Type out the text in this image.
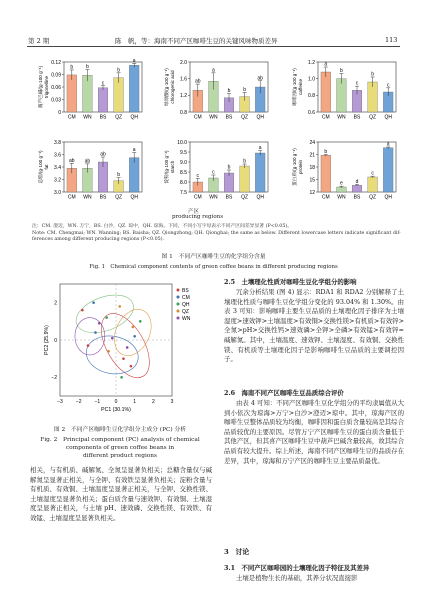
第 2 期	陈　帆，等：海南不同产区咖啡生豆的关键风味物质差异	113
0
0.03
0.06
0.09
0.12
葫芦巴碱/(g·100 g⁻¹) trigonelline
b
CM
b
WN
c
BS
b
QZ
a
QH
0.8
1.2
1.6
2.0
绿原酸/(g·100 g⁻¹) chlorogenic acid	ab
CM
a
WN
b
BS
b
QZ
ab
QH
0.6
0.8
1.0
1.2
咖啡因/(g·100 g⁻¹) caffeine
a
CM
b
WN
c
BS
b
QZ
c
QH
3.0
3.2
3.4
3.6
3.8
总脂/(g·100 g⁻¹) fat
ab
CM
ab
WN
ab
BS
b
QZ
a
QH
7.5
8.0
8.5
9.0
9.5
10.0
淀粉/(g·100 g⁻¹) starch
c
CM
c
WN
b
BS
b
QZ
a
QH
12
15
18
21
24
蛋白质/(g·100 g⁻¹) protein
b
CM
e
WN
d
BS
c
QZ
a
QH
产区
producing regions
注：CM. 澄迈，WN. 万宁，BS. 白沙，QZ. 琼中，QH. 琼海。下同，不同小写字母表示不同产区间差异显著 (P<0.05)。
Note: CM. Chengmai; WN. Wanning; BS. Baisha; QZ. Qiongzhong; QH. Qionghai; the same as below. Different lowercase letters indicate significant dif-
ferences among different producing regions (P<0.05).
图 1　不同产区咖啡生豆的化学组分含量
Fig. 1　Chemical component contents of green coffee beans in different producing regions
−3	−2	−1	0	1	2	3
−2
0
2
PC1 (30.1%)
PC2 (25.9%)
BS
CM
QH
QZ
WN
图 2　不同产区咖啡生豆化学组分主成分 (PC) 分析
Fig. 2　Principal component (PC) analysis of chemical
components of green coffee beans in
different product regions
相关，与有机质、碱解氮、全氮呈显著负相关；总糖含量仅与碱解氮呈显著正相关，与全钾、有效铁呈显著负相关；淀粉含量与有机质、有效铜、土壤温度呈显著正相关，与全钾、交换性镁、土壤湿度呈显著负相关；蛋白质含量与速效钾、有效铜、土壤湿度呈显著正相关，与土壤 pH、速效磷、交换性镁、有效铁、有效锰、土壤湿度呈显著负相关。
2.5　土壤理化性质对咖啡生豆化学组分的影响
冗余分析结果 (图 4) 显示：RDA1 和 RDA2 分别解释了土壤理化性质与咖啡生豆化学组分变化的 93.04% 和 1.30%。由表 3 可知：影响咖啡主要生豆品质的土壤理化因子排序为土壤湿度>速效钾>土壤温度>有效铜>交换性镁>有机质>有效锌>全氮>pH>交换性钙>速效磷>全钾>全磷>有效锰>有效锌=碱解氮。其中，土壤温度、速效钾、土壤湿度、有效铜、交换性镁、有机质等土壤理化因子是影响咖啡生豆品质的主要调控因子。
2.6　海南不同产区咖啡生豆品质综合评价
由表 4 可知：不同产区咖啡生豆化学组分的平均隶属值从大到小依次为琼海>万宁>白沙>澄迈>琼中。其中，琼海产区的咖啡生豆整体品质较为均衡，咖啡因和蛋白质含量较高是其综合品质较优的主要原因。尽管万宁产区咖啡生豆的蛋白质含量低于其他产区，但其喜产区咖啡生豆中葫芦巴碱含量较高，故其综合品质有较大提升。综上所述，海南不同产区咖啡生豆的品质存在差异，其中，琼海和万宁产区的咖啡生豆主要品质最优。
3　讨论
3.1　不同产区咖啡园的土壤理化因子特征及其差异
土壤是植物生长的基础，其养分状况直接影
